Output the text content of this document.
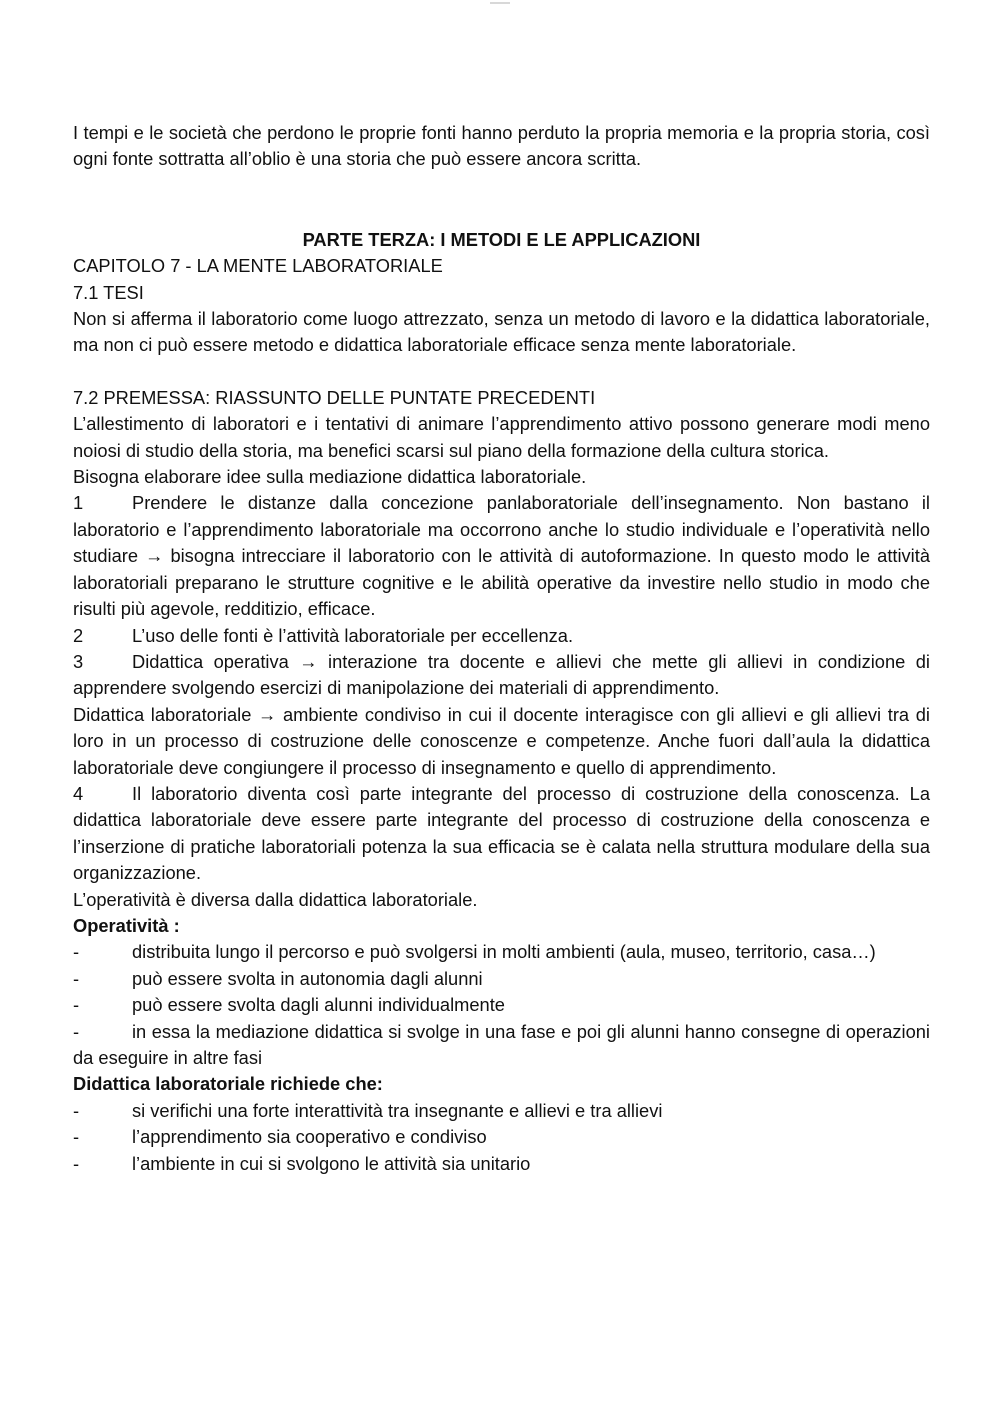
I tempi e le società che perdono le proprie fonti hanno perduto la propria memoria e la propria storia, così ogni fonte sottratta all’oblio è una storia che può essere ancora scritta.

PARTE TERZA: I METODI E LE APPLICAZIONI

CAPITOLO 7 - LA MENTE LABORATORIALE

7.1 TESI

Non si afferma il laboratorio come luogo attrezzato, senza un metodo di lavoro e la didattica laboratoriale, ma non ci può essere metodo e didattica laboratoriale efficace senza mente laboratoriale.

7.2 PREMESSA: RIASSUNTO DELLE PUNTATE PRECEDENTI

L’allestimento di laboratori e i tentativi di animare l’apprendimento attivo possono generare modi meno noiosi di studio della storia, ma benefici scarsi sul piano della formazione della cultura storica.

Bisogna elaborare idee sulla mediazione didattica laboratoriale.

1	Prendere le distanze dalla concezione panlaboratoriale dell’insegnamento. Non bastano il laboratorio e l’apprendimento laboratoriale ma occorrono anche lo studio individuale e l’operatività nello studiare → bisogna intrecciare il laboratorio con le attività di autoformazione. In questo modo le attività laboratoriali preparano le strutture cognitive e le abilità operative da investire nello studio in modo che risulti più agevole, redditizio, efficace.

2	L’uso delle fonti è l’attività laboratoriale per eccellenza.

3	Didattica operativa → interazione tra docente e allievi che mette gli allievi in condizione di apprendere svolgendo esercizi di manipolazione dei materiali di apprendimento.

Didattica laboratoriale → ambiente condiviso in cui il docente interagisce con gli allievi e gli allievi tra di loro in un processo di costruzione delle conoscenze e competenze. Anche fuori dall’aula la didattica laboratoriale deve congiungere il processo di insegnamento e quello di apprendimento.

4	Il laboratorio diventa così parte integrante del processo di costruzione della conoscenza. La didattica laboratoriale deve essere parte integrante del processo di costruzione della conoscenza e l’inserzione di pratiche laboratoriali potenza la sua efficacia se è calata nella struttura modulare della sua organizzazione.

L’operatività è diversa dalla didattica laboratoriale.

Operatività :

-	distribuita lungo il percorso e può svolgersi in molti ambienti (aula, museo, territorio, casa…)

-	può essere svolta in autonomia dagli alunni

-	può essere svolta dagli alunni individualmente

-	in essa la mediazione didattica si svolge in una fase e poi gli alunni hanno consegne di operazioni da eseguire in altre fasi

Didattica laboratoriale richiede che:

-	si verifichi una forte interattività tra insegnante e allievi e tra allievi

-	l’apprendimento sia cooperativo e condiviso

-	l’ambiente in cui si svolgono le attività sia unitario
